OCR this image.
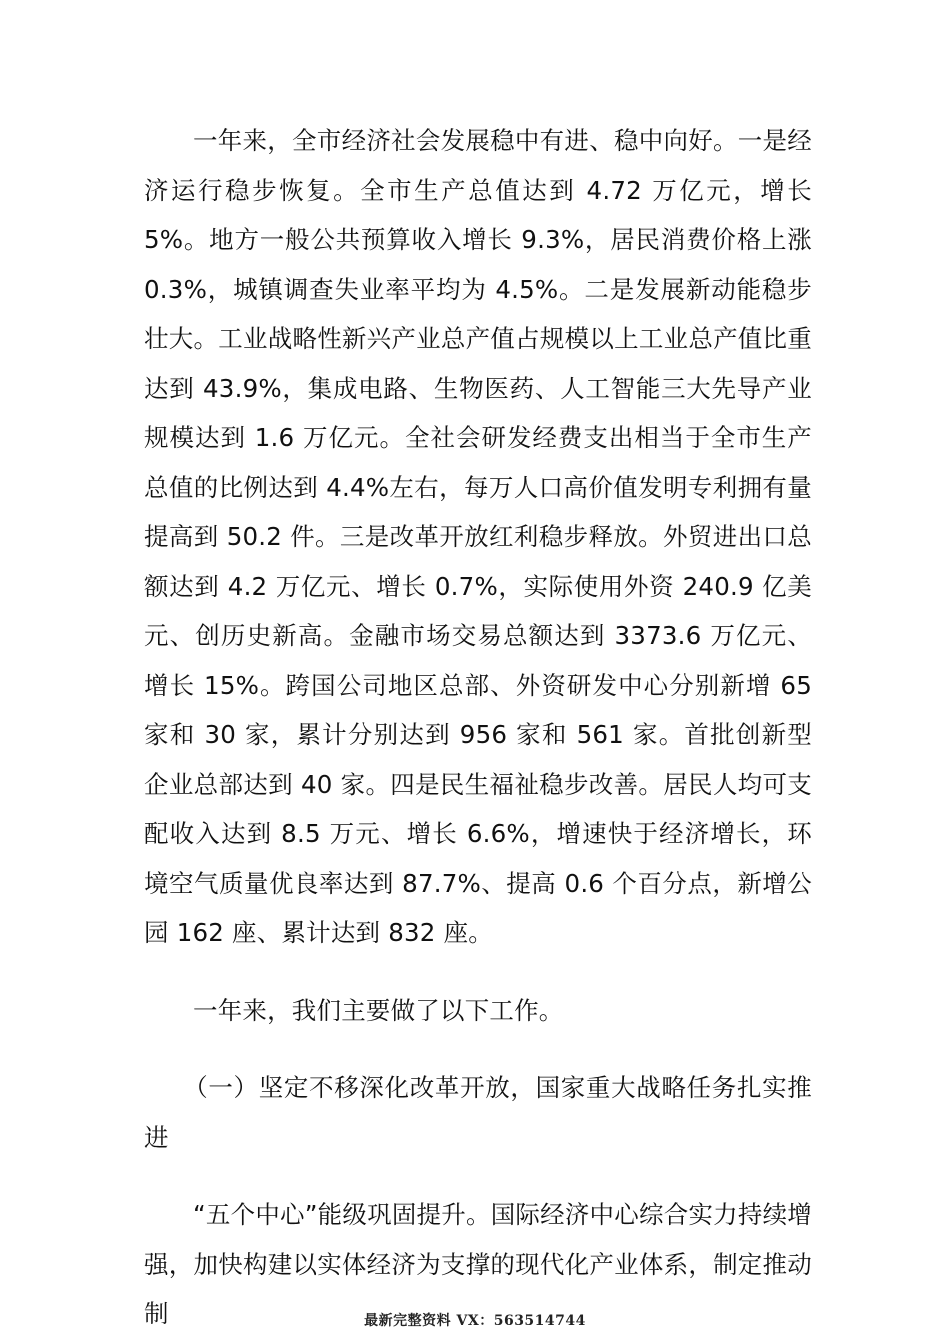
一年来，全市经济社会发展稳中有进、稳中向好。一是经济运行稳步恢复。全市生产总值达到 4.72 万亿元，增长 5%。地方一般公共预算收入增长 9.3%，居民消费价格上涨 0.3%，城镇调查失业率平均为 4.5%。二是发展新动能稳步壮大。工业战略性新兴产业总产值占规模以上工业总产值比重达到 43.9%，集成电路、生物医药、人工智能三大先导产业规模达到 1.6 万亿元。全社会研发经费支出相当于全市生产总值的比例达到 4.4%左右，每万人口高价值发明专利拥有量提高到 50.2 件。三是改革开放红利稳步释放。外贸进出口总额达到 4.2 万亿元、增长 0.7%，实际使用外资 240.9 亿美元、创历史新高。金融市场交易总额达到 3373.6 万亿元、增长 15%。跨国公司地区总部、外资研发中心分别新增 65 家和 30 家，累计分别达到 956 家和 561 家。首批创新型企业总部达到 40 家。四是民生福祉稳步改善。居民人均可支配收入达到 8.5 万元、增长 6.6%，增速快于经济增长，环境空气质量优良率达到 87.7%、提高 0.6 个百分点，新增公园 162 座、累计达到 832 座。

一年来，我们主要做了以下工作。

（一）坚定不移深化改革开放，国家重大战略任务扎实推进

“五个中心”能级巩固提升。国际经济中心综合实力持续增强，加快构建以实体经济为支撑的现代化产业体系，制定推动制	最新完整资料 VX：563514744
